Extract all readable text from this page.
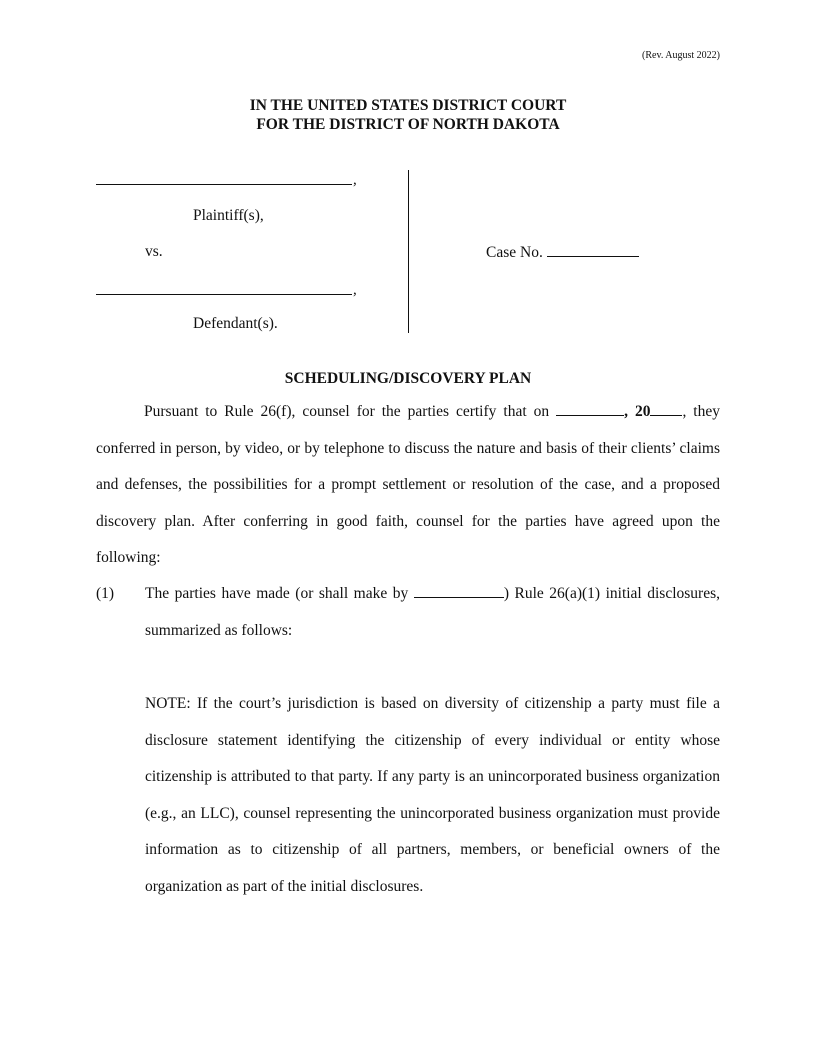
(Rev. August 2022)
IN THE UNITED STATES DISTRICT COURT
FOR THE DISTRICT OF NORTH DAKOTA
,
Plaintiff(s),
vs.
,
Defendant(s).
Case No.
SCHEDULING/DISCOVERY PLAN
Pursuant to Rule 26(f), counsel for the parties certify that on	, 20 , they conferred in person, by video, or by telephone to discuss the nature and basis of their clients’ claims and defenses, the possibilities for a prompt settlement or resolution of the case, and a proposed discovery plan. After conferring in good faith, counsel for the parties have agreed upon the following:
(1) The parties have made (or shall make by	) Rule 26(a)(1) initial disclosures, summarized as follows:
NOTE: If the court’s jurisdiction is based on diversity of citizenship a party must file a disclosure statement identifying the citizenship of every individual or entity whose citizenship is attributed to that party. If any party is an unincorporated business organization (e.g., an LLC), counsel representing the unincorporated business organization must provide information as to citizenship of all partners, members, or beneficial owners of the organization as part of the initial disclosures.
